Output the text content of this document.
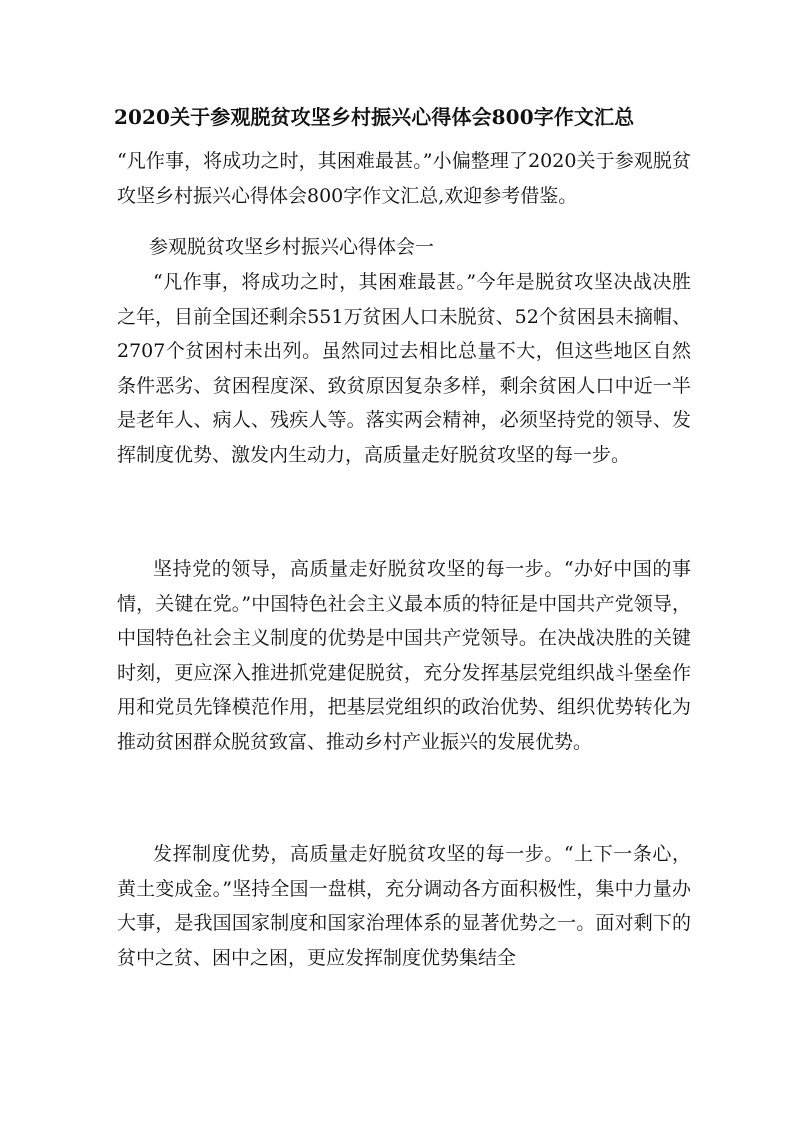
2020关于参观脱贫攻坚乡村振兴心得体会800字作文汇总

“凡作事，将成功之时，其困难最甚。”小偏整理了2020关于参观脱贫攻坚乡村振兴心得体会800字作文汇总,欢迎参考借鉴。

参观脱贫攻坚乡村振兴心得体会一

“凡作事，将成功之时，其困难最甚。”今年是脱贫攻坚决战决胜之年，目前全国还剩余551万贫困人口未脱贫、52个贫困县未摘帽、2707个贫困村未出列。虽然同过去相比总量不大，但这些地区自然条件恶劣、贫困程度深、致贫原因复杂多样，剩余贫困人口中近一半是老年人、病人、残疾人等。落实两会精神，必须坚持党的领导、发挥制度优势、激发内生动力，高质量走好脱贫攻坚的每一步。

坚持党的领导，高质量走好脱贫攻坚的每一步。“办好中国的事情，关键在党。”中国特色社会主义最本质的特征是中国共产党领导，中国特色社会主义制度的优势是中国共产党领导。在决战决胜的关键时刻，更应深入推进抓党建促脱贫，充分发挥基层党组织战斗堡垒作用和党员先锋模范作用，把基层党组织的政治优势、组织优势转化为推动贫困群众脱贫致富、推动乡村产业振兴的发展优势。

发挥制度优势，高质量走好脱贫攻坚的每一步。“上下一条心，黄土变成金。”坚持全国一盘棋，充分调动各方面积极性，集中力量办大事，是我国国家制度和国家治理体系的显著优势之一。面对剩下的贫中之贫、困中之困，更应发挥制度优势集结全
